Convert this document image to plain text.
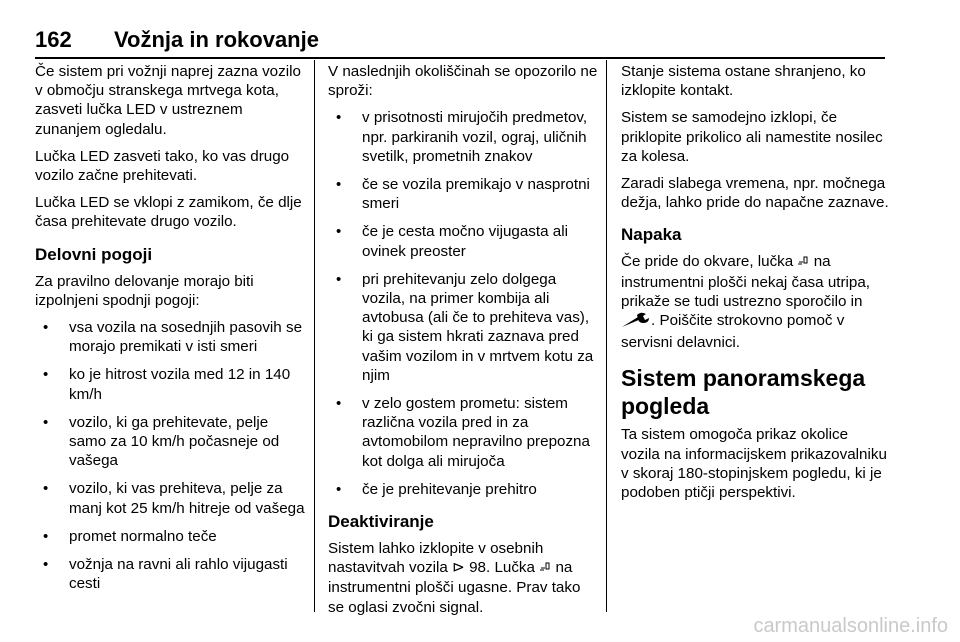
162 Vožnja in rokovanje

Če sistem pri vožnji naprej zazna vozilo v območju stranskega mrtvega kota, zasveti lučka LED v ustreznem zunanjem ogledalu.

Lučka LED zasveti tako, ko vas drugo vozilo začne prehitevati.

Lučka LED se vklopi z zamikom, če dlje časa prehitevate drugo vozilo.

Delovni pogoji

Za pravilno delovanje morajo biti izpolnjeni spodnji pogoji:

• vsa vozila na sosednjih pasovih se morajo premikati v isti smeri
• ko je hitrost vozila med 12 in 140 km/h
• vozilo, ki ga prehitevate, pelje samo za 10 km/h počasneje od vašega
• vozilo, ki vas prehiteva, pelje za manj kot 25 km/h hitreje od vašega
• promet normalno teče
• vožnja na ravni ali rahlo vijugasti cesti

V naslednjih okoliščinah se opozorilo ne sproži:

• v prisotnosti mirujočih predmetov, npr. parkiranih vozil, ograj, uličnih svetilk, prometnih znakov
• če se vozila premikajo v nasprotni smeri
• če je cesta močno vijugasta ali ovinek preoster
• pri prehitevanju zelo dolgega vozila, na primer kombija ali avtobusa (ali če to prehiteva vas), ki ga sistem hkrati zaznava pred vašim vozilom in v mrtvem kotu za njim
• v zelo gostem prometu: sistem različna vozila pred in za avtomobilom nepravilno prepozna kot dolga ali mirujoča
• če je prehitevanje prehitro
Deaktiviranje

Sistem lahko izklopite v osebnih nastavitvah vozila ⊳ 98. Lučka na instrumentni plošči ugasne. Prav tako se oglasi zvočni signal.

Stanje sistema ostane shranjeno, ko izklopite kontakt.

Sistem se samodejno izklopi, če priklopite prikolico ali namestite nosilec za kolesa.

Zaradi slabega vremena, npr. močnega dežja, lahko pride do napačne zaznave.

Napaka

Če pride do okvare, lučka na instrumentni plošči nekaj časa utripa, prikaže se tudi ustrezno sporočilo in . Poiščite strokovno pomoč v servisni delavnici.

Sistem panoramskega pogleda

Ta sistem omogoča prikaz okolice vozila na informacijskem prikazovalniku v skoraj 180-stopinjskem pogledu, ki je podoben ptičji perspektivi.

carmanualsonline.info
